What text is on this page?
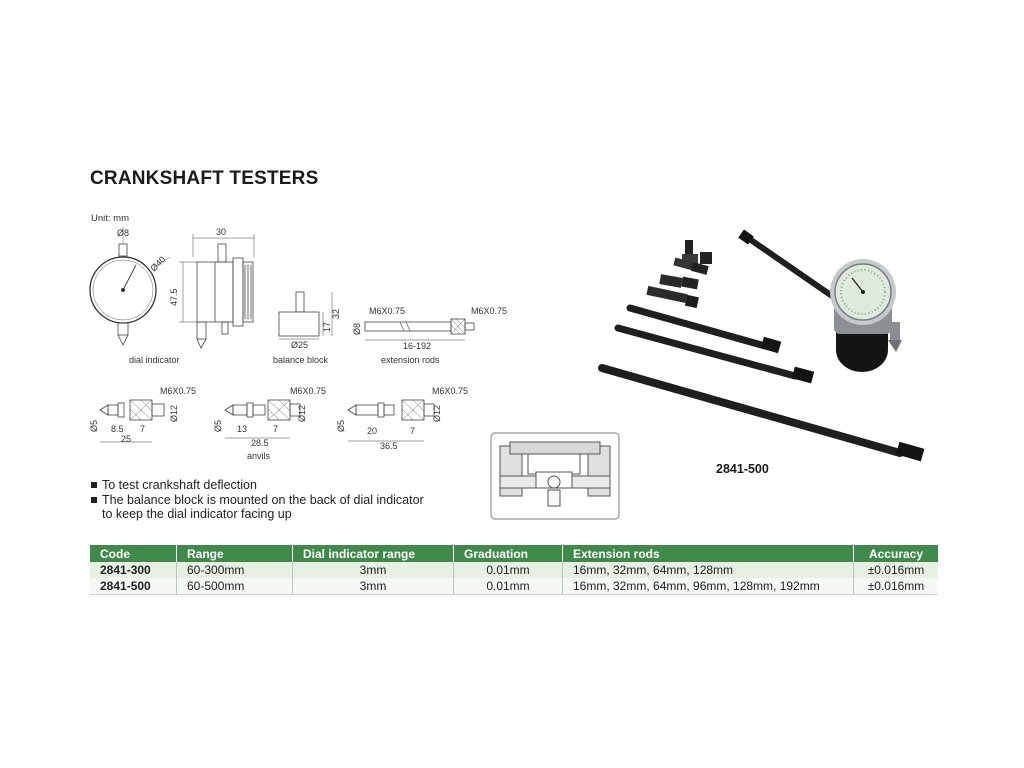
CRANKSHAFT TESTERS
Unit: mm
Ø8
Ø40
dial indicator
30
47.5
17
32
Ø25
balance block
M6X0.75	M6X0.75
Ø8
16-192
extension rods
M6X0.75
Ø5
Ø12
8.5 7
25
M6X0.75
Ø5
Ø12
13	7
28.5
anvils
M6X0.75
Ø5
Ø12
20	7
36.5
2841-500
To test crankshaft deflection
The balance block is mounted on the back of dial indicator
to keep the dial indicator facing up
Code	Range	Dial indicator range	Graduation	Extension rods	Accuracy
2841-300	60-300mm	3mm	0.01mm	16mm, 32mm, 64mm, 128mm	±0.016mm
2841-500	60-500mm	3mm	0.01mm	16mm, 32mm, 64mm, 96mm, 128mm, 192mm	±0.016mm
